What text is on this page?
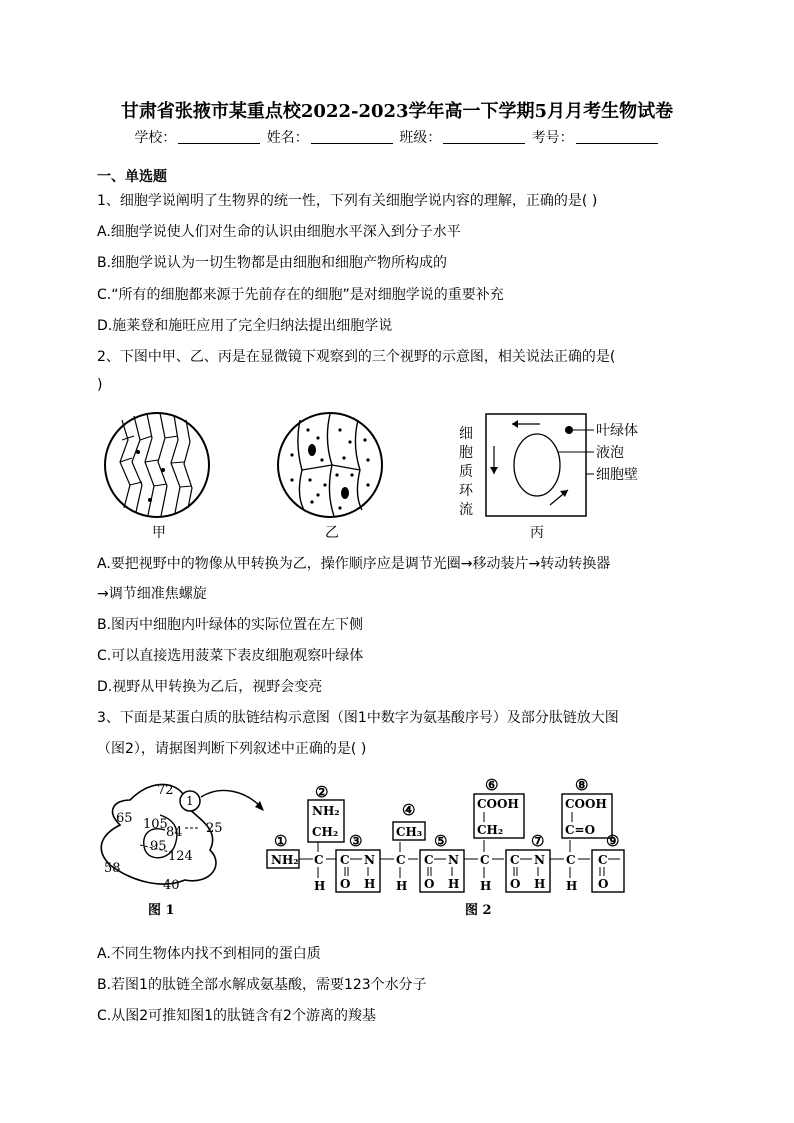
甘肃省张掖市某重点校2022-2023学年高一下学期5月月考生物试卷
学校：	姓名：	班级：	考号：
一、单选题
1、细胞学说阐明了生物界的统一性，下列有关细胞学说内容的理解，正确的是( )
A.细胞学说使人们对生命的认识由细胞水平深入到分子水平
B.细胞学说认为一切生物都是由细胞和细胞产物所构成的
C.“所有的细胞都来源于先前存在的细胞”是对细胞学说的重要补充
D.施莱登和施旺应用了完全归纳法提出细胞学说
2、下图中甲、乙、丙是在显微镜下观察到的三个视野的示意图，相关说法正确的是(
)
甲	乙
细
胞
质
环
流
叶绿体
液泡
细胞壁
丙
A.要把视野中的物像从甲转换为乙，操作顺序应是调节光圈→移动装片→转动转换器
→调节细准焦螺旋
B.图丙中细胞内叶绿体的实际位置在左下侧
C.可以直接选用菠菜下表皮细胞观察叶绿体
D.视野从甲转换为乙后，视野会变亮
3、下面是某蛋白质的肽链结构示意图（图1中数字为氨基酸序号）及部分肽链放大图
（图2），请据图判断下列叙述中正确的是( )
72
1
65 105
84 25
95
124
58
40
图 1
①
NH₂ C
H
②
NH₂
CH₂ ③
C N
O H
C
H
④
CH₃ ⑤
C N
O H
C
H
⑥
COOH
CH₂
⑦
C N
O H
C
H
⑧
COOH
C=O
⑨
C
O
图 2
A.不同生物体内找不到相同的蛋白质
B.若图1的肽链全部水解成氨基酸，需要123个水分子
C.从图2可推知图1的肽链含有2个游离的羧基
